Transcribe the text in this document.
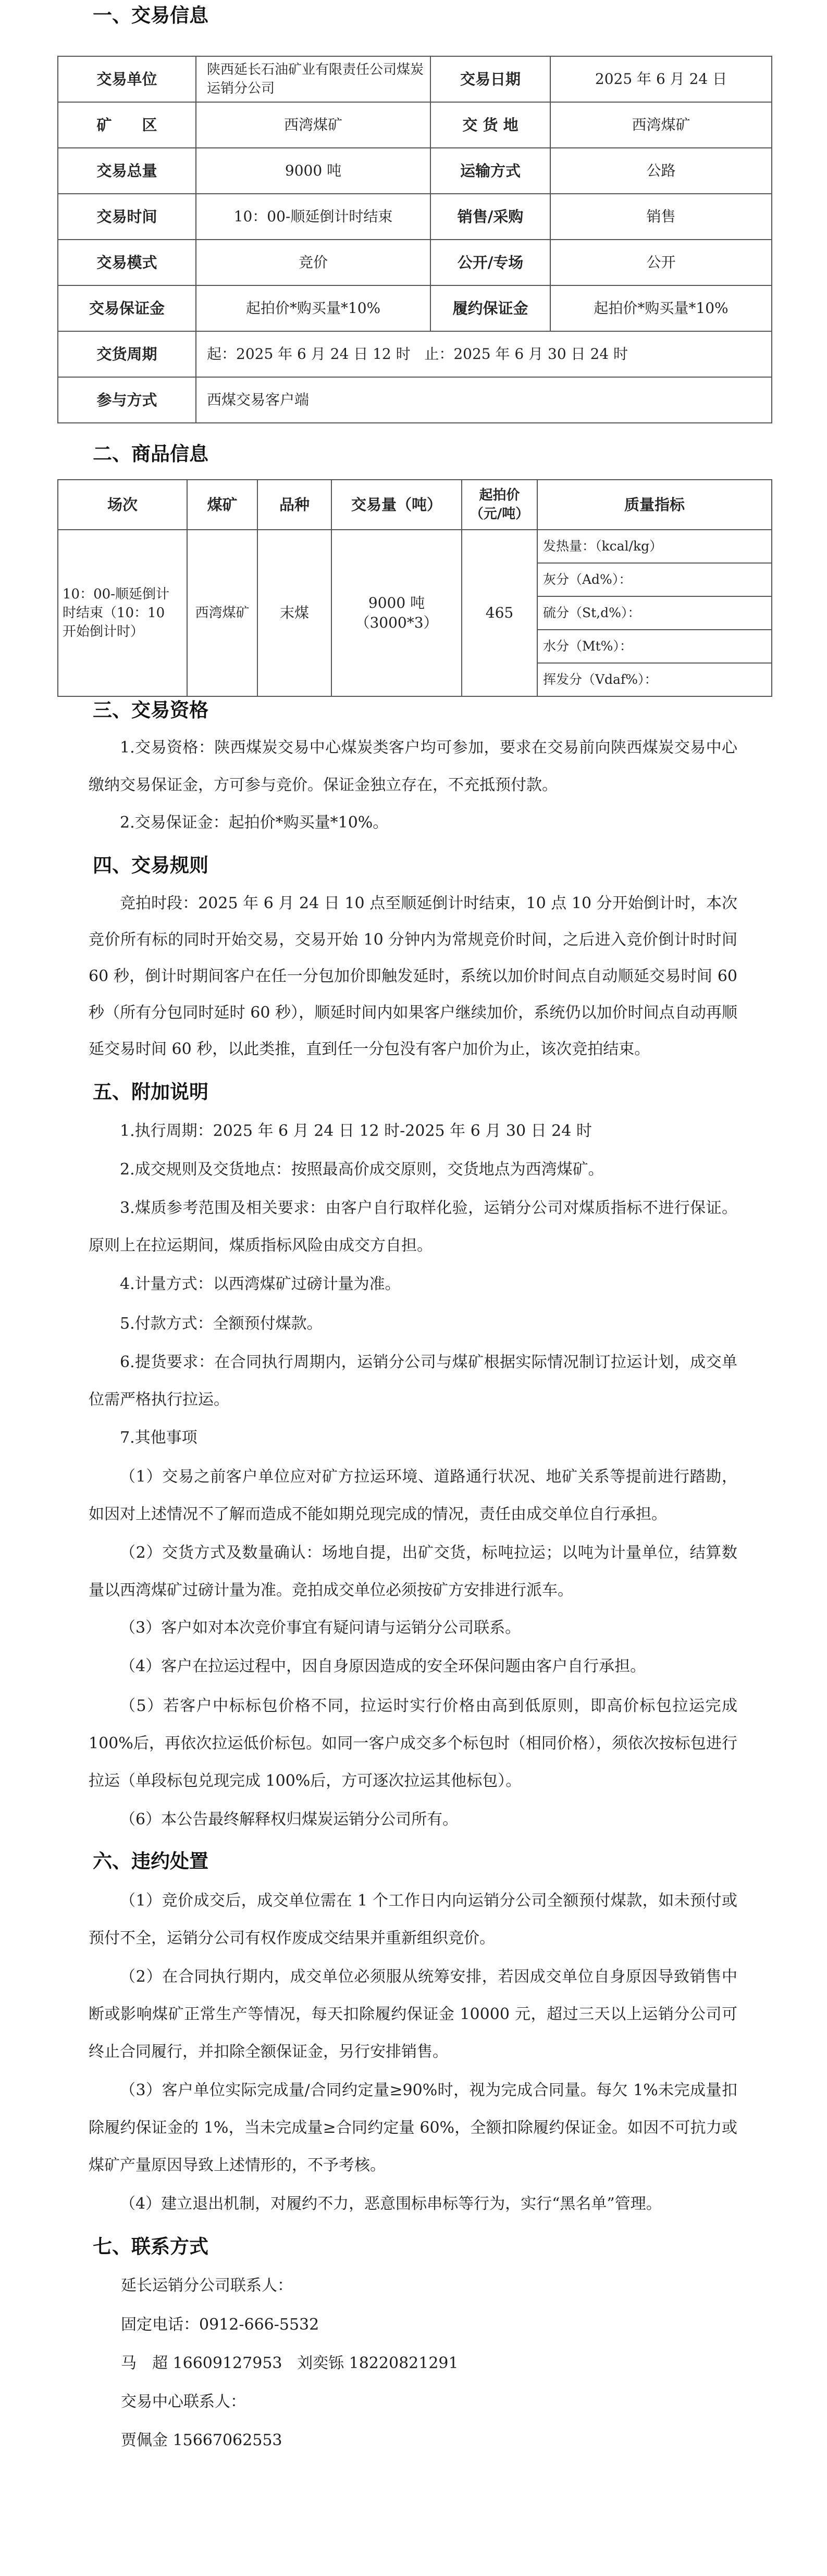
一、交易信息
交易单位	陕西延长石油矿业有限责任公司煤炭运销分公司	交易日期	2025 年 6 月 24 日
矿　　区	西湾煤矿	交 货 地	西湾煤矿
交易总量	9000 吨	运输方式	公路
交易时间	10：00-顺延倒计时结束	销售/采购	销售
交易模式	竞价	公开/专场	公开
交易保证金	起拍价*购买量*10%	履约保证金	起拍价*购买量*10%
交货周期	起：2025 年 6 月 24 日 12 时   止：2025 年 6 月 30 日 24 时		
参与方式	西煤交易客户端		
二、商品信息
场次	煤矿	品种	交易量（吨）	起拍价（元/吨）	质量指标
10：00-顺延倒计时结束（10：10 开始倒计时）	西湾煤矿	末煤	9000 吨（3000*3）	465	发热量：（kcal/kg）
					灰分（Ad%）：
					硫分（St,d%）：
					水分（Mt%）：
					挥发分（Vdaf%）：
三、交易资格
1.交易资格：陕西煤炭交易中心煤炭类客户均可参加，要求在交易前向陕西煤炭交易中心缴纳交易保证金，方可参与竞价。保证金独立存在，不充抵预付款。
2.交易保证金：起拍价*购买量*10%。
四、交易规则
竞拍时段：2025 年 6 月 24 日 10 点至顺延倒计时结束，10 点 10 分开始倒计时，本次竞价所有标的同时开始交易，交易开始 10 分钟内为常规竞价时间，之后进入竞价倒计时时间 60 秒，倒计时期间客户在任一分包加价即触发延时，系统以加价时间点自动顺延交易时间 60 秒（所有分包同时延时 60 秒），顺延时间内如果客户继续加价，系统仍以加价时间点自动再顺延交易时间 60 秒，以此类推，直到任一分包没有客户加价为止，该次竞拍结束。
五、附加说明
1.执行周期：2025 年 6 月 24 日 12 时-2025 年 6 月 30 日 24 时
2.成交规则及交货地点：按照最高价成交原则，交货地点为西湾煤矿。
3.煤质参考范围及相关要求：由客户自行取样化验，运销分公司对煤质指标不进行保证。原则上在拉运期间，煤质指标风险由成交方自担。
4.计量方式：以西湾煤矿过磅计量为准。
5.付款方式：全额预付煤款。
6.提货要求：在合同执行周期内，运销分公司与煤矿根据实际情况制订拉运计划，成交单位需严格执行拉运。
7.其他事项
（1）交易之前客户单位应对矿方拉运环境、道路通行状况、地矿关系等提前进行踏勘，如因对上述情况不了解而造成不能如期兑现完成的情况，责任由成交单位自行承担。
（2）交货方式及数量确认：场地自提，出矿交货，标吨拉运；以吨为计量单位，结算数量以西湾煤矿过磅计量为准。竞拍成交单位必须按矿方安排进行派车。
（3）客户如对本次竞价事宜有疑问请与运销分公司联系。
（4）客户在拉运过程中，因自身原因造成的安全环保问题由客户自行承担。
（5）若客户中标标包价格不同，拉运时实行价格由高到低原则，即高价标包拉运完成 100%后，再依次拉运低价标包。如同一客户成交多个标包时（相同价格），须依次按标包进行拉运（单段标包兑现完成 100%后，方可逐次拉运其他标包）。
（6）本公告最终解释权归煤炭运销分公司所有。
六、违约处置
（1）竞价成交后，成交单位需在 1 个工作日内向运销分公司全额预付煤款，如未预付或预付不全，运销分公司有权作废成交结果并重新组织竞价。
（2）在合同执行期内，成交单位必须服从统筹安排，若因成交单位自身原因导致销售中断或影响煤矿正常生产等情况，每天扣除履约保证金 10000 元，超过三天以上运销分公司可终止合同履行，并扣除全额保证金，另行安排销售。
（3）客户单位实际完成量/合同约定量≥90%时，视为完成合同量。每欠 1%未完成量扣除履约保证金的 1%，当未完成量≥合同约定量 60%，全额扣除履约保证金。如因不可抗力或煤矿产量原因导致上述情形的，不予考核。
（4）建立退出机制，对履约不力，恶意围标串标等行为，实行“黑名单”管理。
七、联系方式
延长运销分公司联系人：
固定电话：0912-666-5532
马　超 16609127953   刘奕铄 18220821291
交易中心联系人：
贾佩金 15667062553
